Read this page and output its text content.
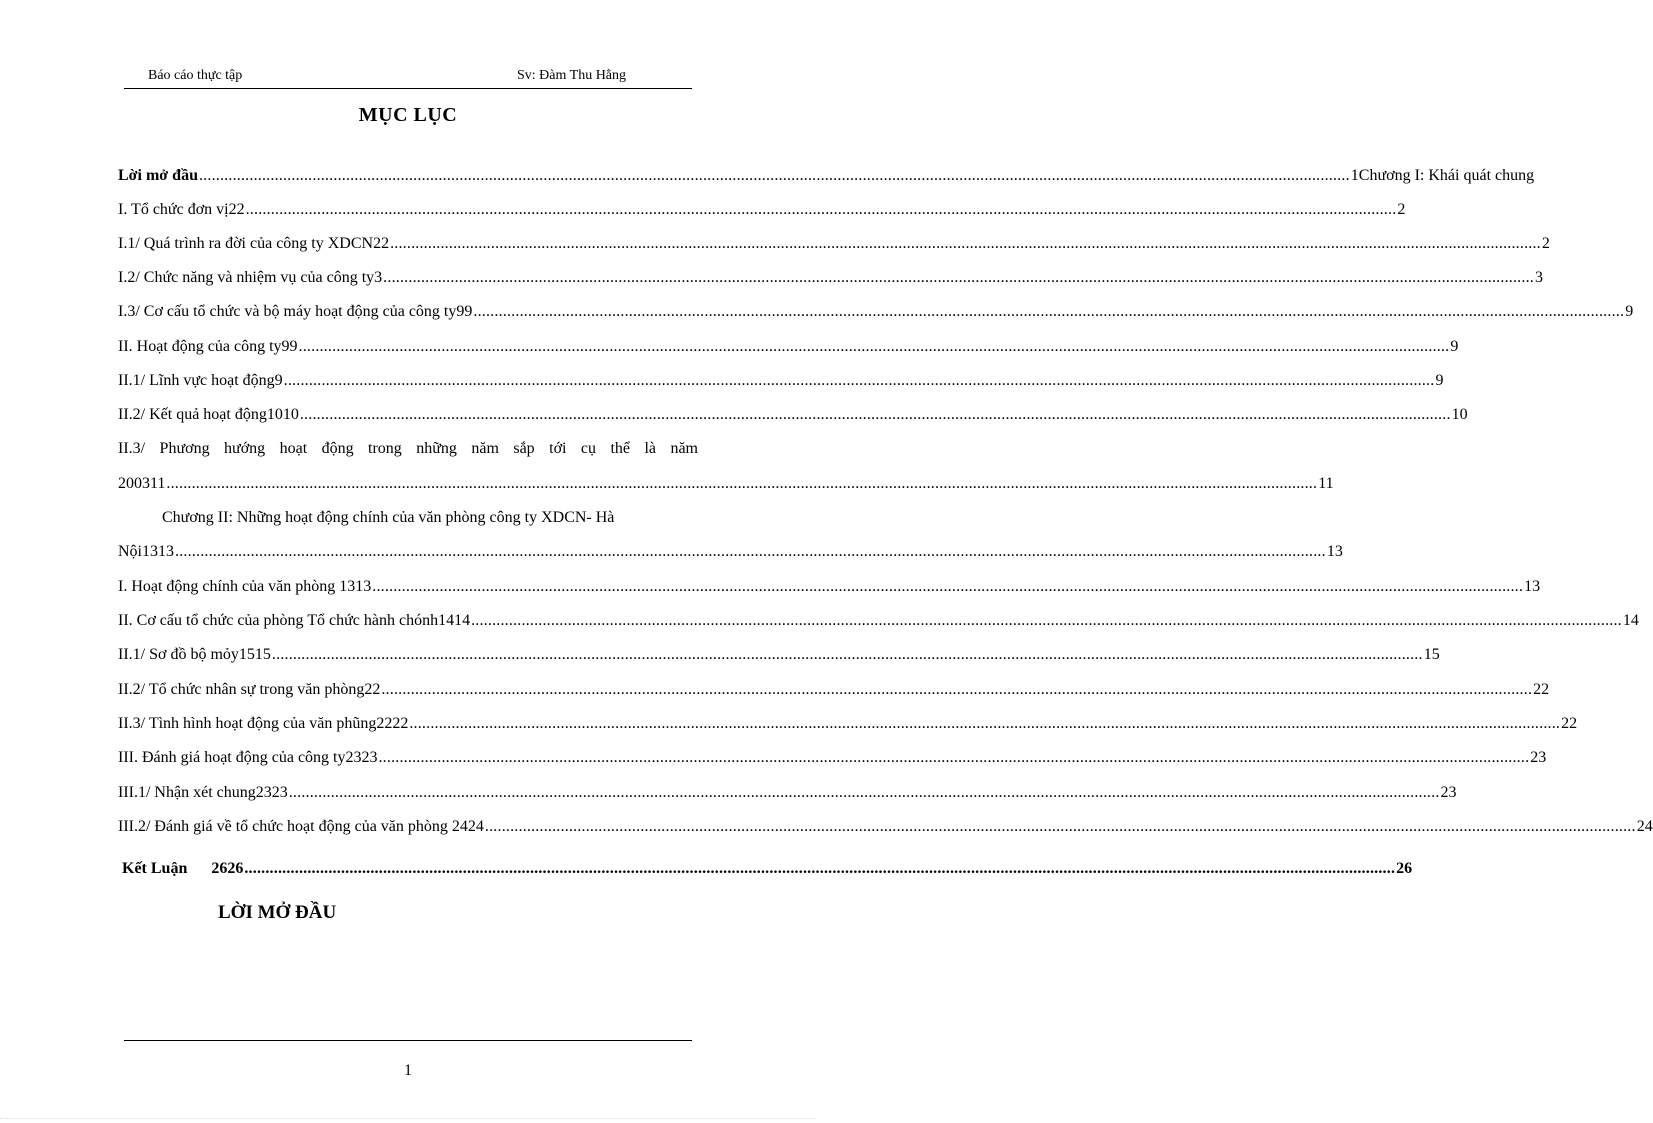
Báo cáo thực tập	Sv: Đàm Thu Hằng
MỤC LỤC
Lời mở đầu .................................................................................................................................................................................................................................................................................. 1Chương I: Khái quát chung
I. Tổ chức đơn vị22 .................................................................................................................................................................................................................................................................................. 2
I.1/ Quá trình ra đời của công ty XDCN22 .................................................................................................................................................................................................................................................................................. 2
I.2/ Chức năng và nhiệm vụ của công ty3 .................................................................................................................................................................................................................................................................................. 3
I.3/ Cơ cấu tổ chức và bộ máy hoạt động của công ty99 .................................................................................................................................................................................................................................................................................. 9
II. Hoạt động của công ty99 .................................................................................................................................................................................................................................................................................. 9
II.1/ Lĩnh vực hoạt động9 .................................................................................................................................................................................................................................................................................. 9
II.2/ Kết quả hoạt động1010 .................................................................................................................................................................................................................................................................................. 10
II.3/ Phương hướng hoạt động trong những năm sắp tới cụ thể là năm
200311 .................................................................................................................................................................................................................................................................................. 11
Chương II: Những hoạt động chính của văn phòng công ty XDCN- Hà
Nội1313 .................................................................................................................................................................................................................................................................................. 13
I. Hoạt động chính của văn phòng 1313 .................................................................................................................................................................................................................................................................................. 13
II. Cơ cấu tổ chức của phòng Tổ chức hành chónh1414 .................................................................................................................................................................................................................................................................................. 14
II.1/ Sơ đồ bộ mỏy1515 .................................................................................................................................................................................................................................................................................. 15
II.2/ Tổ chức nhân sự trong văn phòng22 .................................................................................................................................................................................................................................................................................. 22
II.3/ Tình hình hoạt động của văn phũng2222 .................................................................................................................................................................................................................................................................................. 22
III. Đánh giá hoạt động của công ty2323 .................................................................................................................................................................................................................................................................................. 23
III.1/ Nhận xét chung2323 .................................................................................................................................................................................................................................................................................. 23
III.2/ Đánh giá về tổ chức hoạt động của văn phòng 2424 .................................................................................................................................................................................................................................................................................. 24
Kết Luận      2626 .................................................................................................................................................................................................................................................................................. 26
LỜI MỞ ĐẦU
1
